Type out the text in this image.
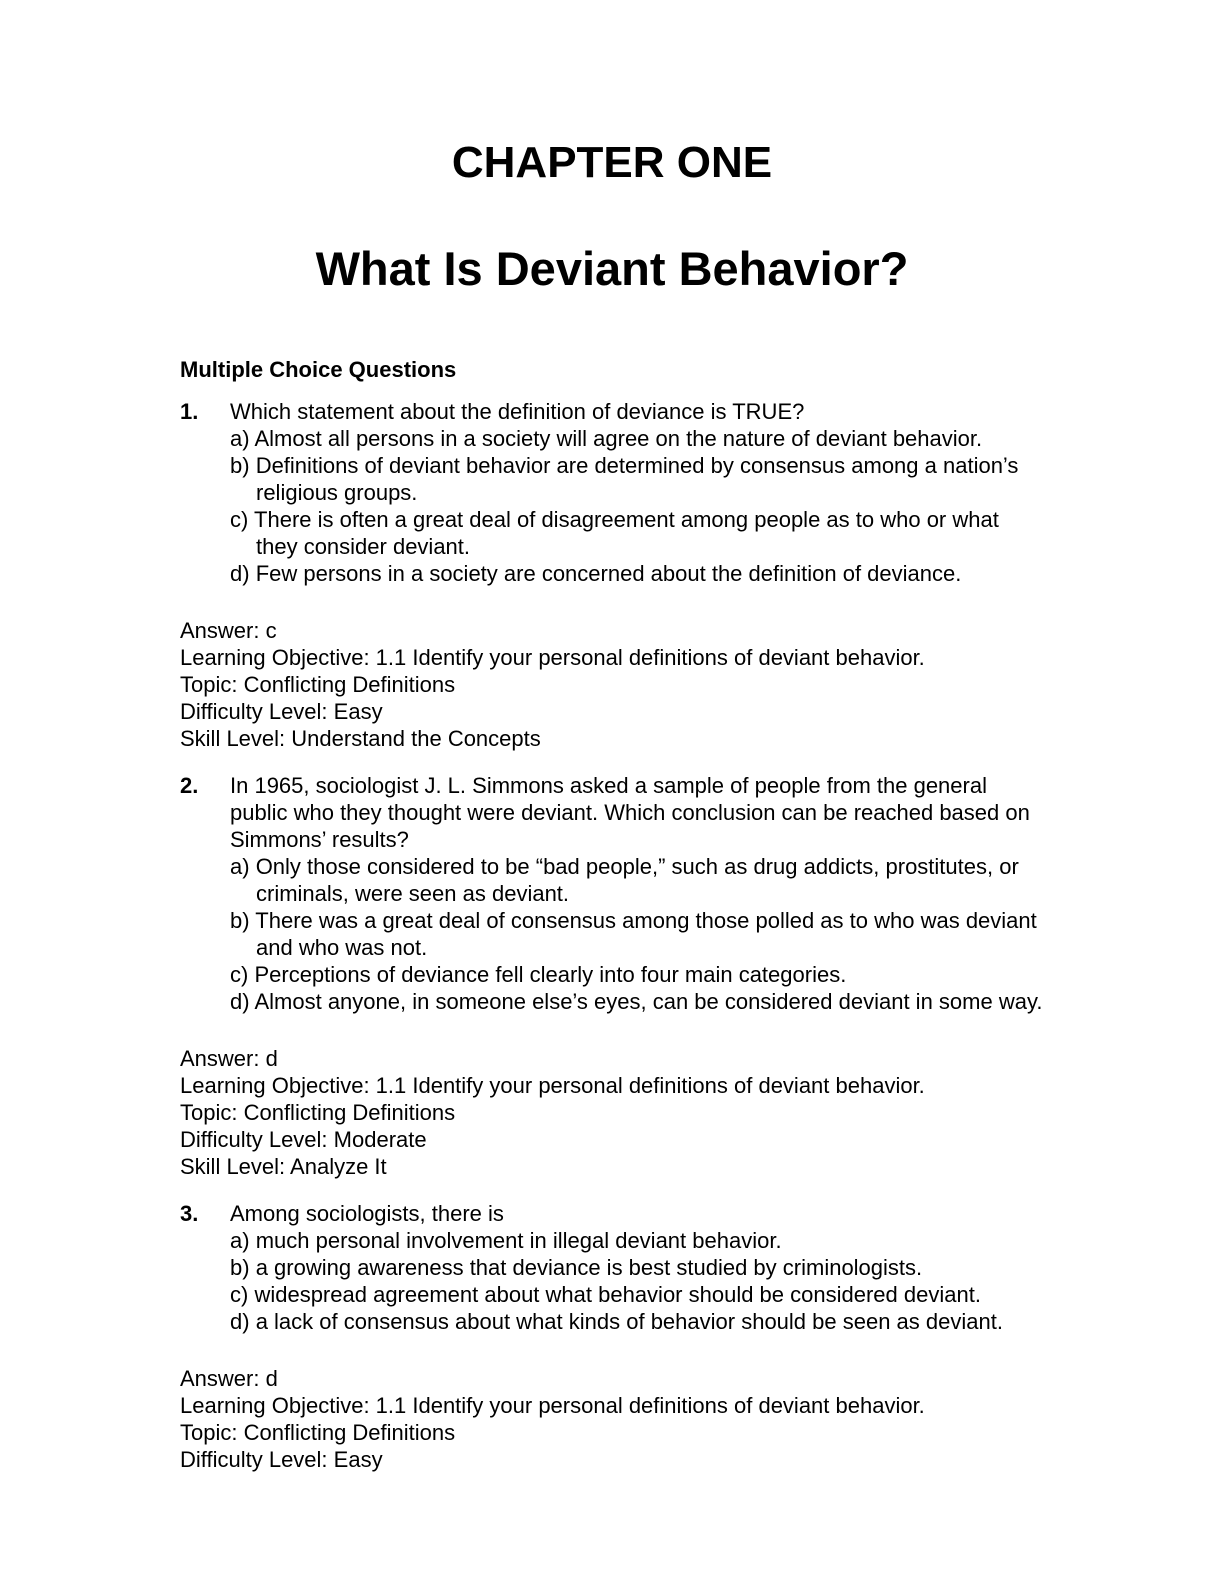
CHAPTER ONE
What Is Deviant Behavior?
Multiple Choice Questions
1.	Which statement about the definition of deviance is TRUE?
a) Almost all persons in a society will agree on the nature of deviant behavior.
b) Definitions of deviant behavior are determined by consensus among a nation’s religious groups.
c) There is often a great deal of disagreement among people as to who or what they consider deviant.
d) Few persons in a society are concerned about the definition of deviance.
Answer: c
Learning Objective: 1.1 Identify your personal definitions of deviant behavior.
Topic: Conflicting Definitions
Difficulty Level: Easy
Skill Level: Understand the Concepts
2.	In 1965, sociologist J. L. Simmons asked a sample of people from the general public who they thought were deviant. Which conclusion can be reached based on Simmons’ results?
a) Only those considered to be “bad people,” such as drug addicts, prostitutes, or criminals, were seen as deviant.
b) There was a great deal of consensus among those polled as to who was deviant and who was not.
c) Perceptions of deviance fell clearly into four main categories.
d) Almost anyone, in someone else’s eyes, can be considered deviant in some way.
Answer: d
Learning Objective: 1.1 Identify your personal definitions of deviant behavior.
Topic: Conflicting Definitions
Difficulty Level: Moderate
Skill Level: Analyze It
3.	Among sociologists, there is
a) much personal involvement in illegal deviant behavior.
b) a growing awareness that deviance is best studied by criminologists.
c) widespread agreement about what behavior should be considered deviant.
d) a lack of consensus about what kinds of behavior should be seen as deviant.
Answer: d
Learning Objective: 1.1 Identify your personal definitions of deviant behavior.
Topic: Conflicting Definitions
Difficulty Level: Easy
